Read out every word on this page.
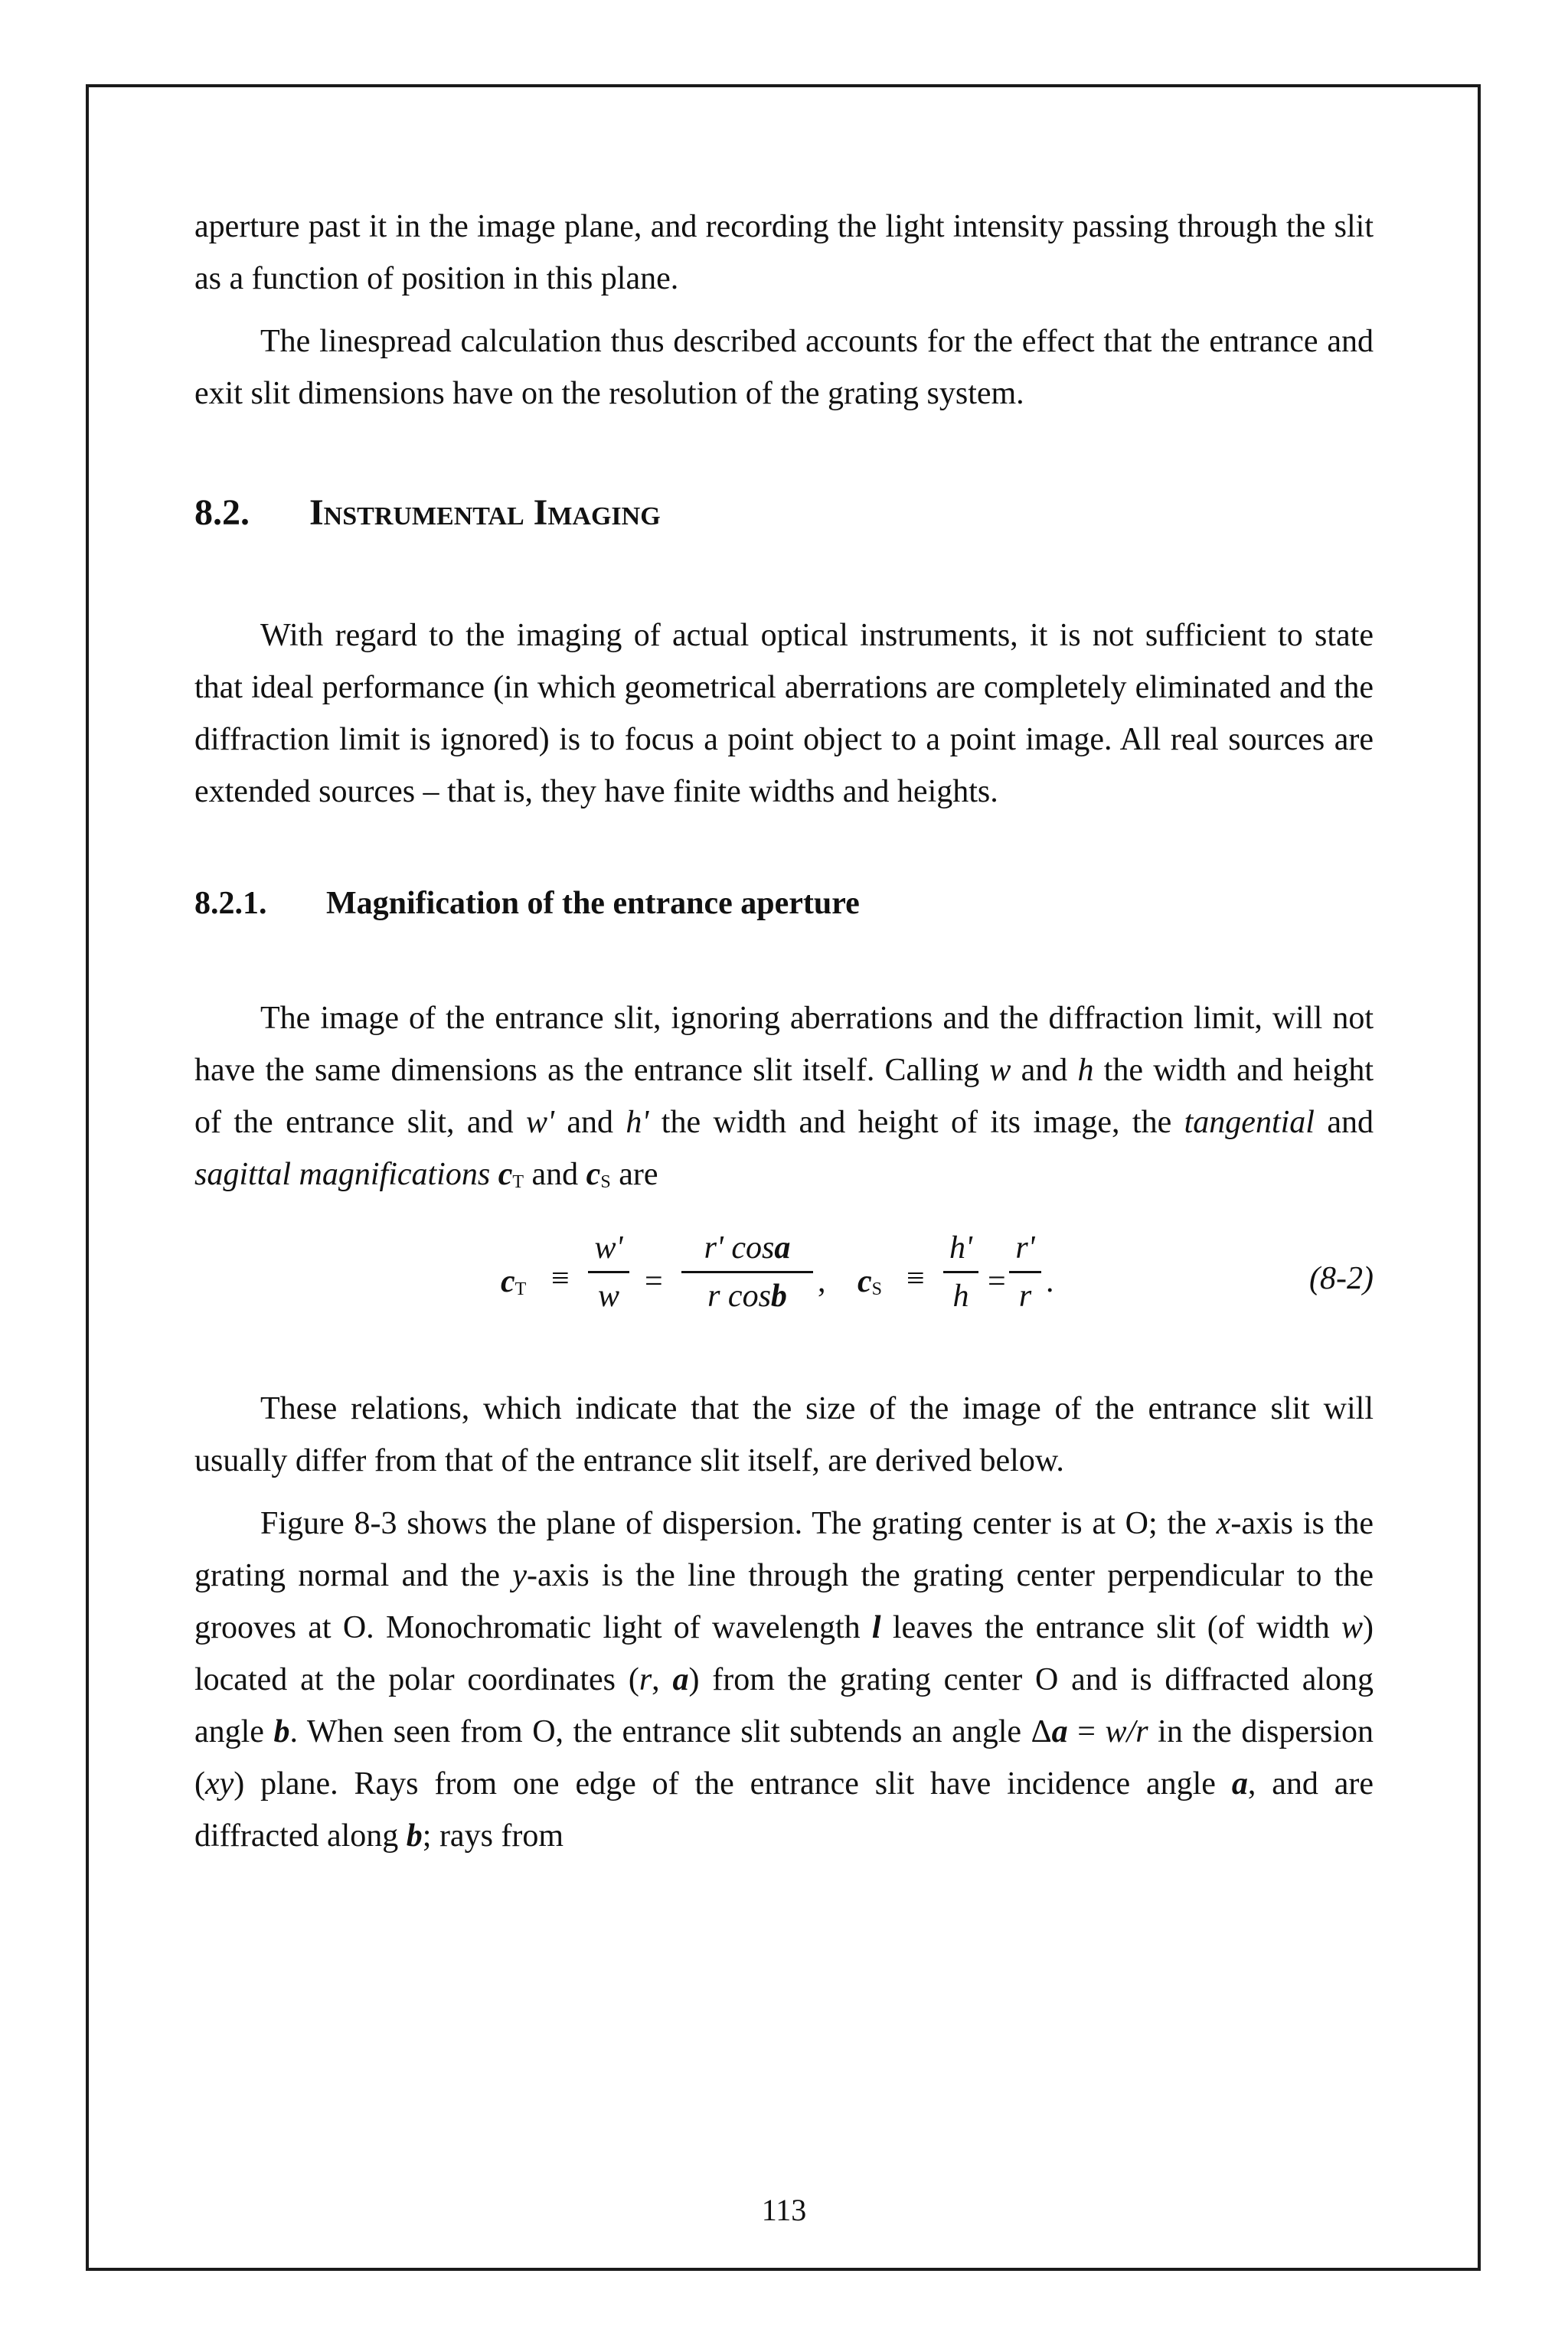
aperture past it in the image plane, and recording the light intensity passing through the slit as a function of position in this plane.

The linespread calculation thus described accounts for the effect that the entrance and exit slit dimensions have on the resolution of the grating system.

8.2. Instrumental Imaging

With regard to the imaging of actual optical instruments, it is not sufficient to state that ideal performance (in which geometrical aberrations are completely eliminated and the diffraction limit is ignored) is to focus a point object to a point image. All real sources are extended sources – that is, they have finite widths and heights.

8.2.1. Magnification of the entrance aperture

The image of the entrance slit, ignoring aberrations and the diffraction limit, will not have the same dimensions as the entrance slit itself. Calling w and h the width and height of the entrance slit, and w' and h' the width and height of its image, the tangential and sagittal magnifications $c_T$ and $c_S$ are

$c_T$ ≡
w'
w =
r' cosa
r cosb , $c_S$ ≡
h'
h =
r'
r .	(8-2)

These relations, which indicate that the size of the image of the entrance slit will usually differ from that of the entrance slit itself, are derived below.

Figure 8-3 shows the plane of dispersion. The grating center is at O; the x-axis is the grating normal and the y-axis is the line through the grating center perpendicular to the grooves at O. Monochromatic light of wavelength l leaves the entrance slit (of width w) located at the polar coordinates (r, a) from the grating center O and is diffracted along angle b. When seen from O, the entrance slit subtends an angle Δa = w/r in the dispersion (xy) plane. Rays from one edge of the entrance slit have incidence angle a, and are diffracted along b; rays from

113
